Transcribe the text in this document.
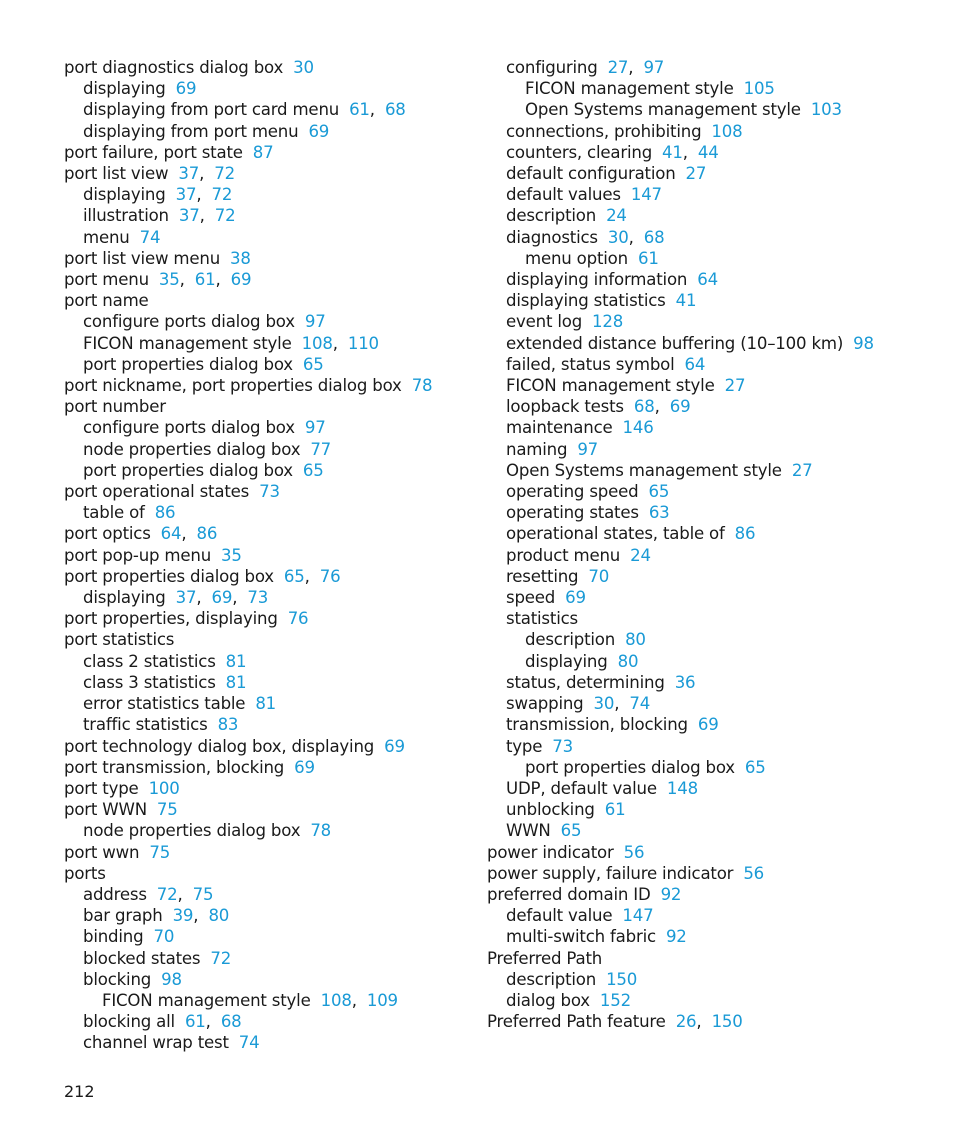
port diagnostics dialog box 30
displaying 69
displaying from port card menu 61, 68
displaying from port menu 69
port failure, port state 87
port list view 37, 72
displaying 37, 72
illustration 37, 72
menu 74
port list view menu 38
port menu 35, 61, 69
port name
configure ports dialog box 97
FICON management style 108, 110
port properties dialog box 65
port nickname, port properties dialog box 78
port number
configure ports dialog box 97
node properties dialog box 77
port properties dialog box 65
port operational states 73
table of 86
port optics 64, 86
port pop-up menu 35
port properties dialog box 65, 76
displaying 37, 69, 73
port properties, displaying 76
port statistics
class 2 statistics 81
class 3 statistics 81
error statistics table 81
traffic statistics 83
port technology dialog box, displaying 69
port transmission, blocking 69
port type 100
port WWN 75
node properties dialog box 78
port wwn 75
ports
address 72, 75
bar graph 39, 80
binding 70
blocked states 72
blocking 98
FICON management style 108, 109
blocking all 61, 68
channel wrap test 74
configuring 27, 97
FICON management style 105
Open Systems management style 103
connections, prohibiting 108
counters, clearing 41, 44
default configuration 27
default values 147
description 24
diagnostics 30, 68
menu option 61
displaying information 64
displaying statistics 41
event log 128
extended distance buffering (10–100 km) 98
failed, status symbol 64
FICON management style 27
loopback tests 68, 69
maintenance 146
naming 97
Open Systems management style 27
operating speed 65
operating states 63
operational states, table of 86
product menu 24
resetting 70
speed 69
statistics
description 80
displaying 80
status, determining 36
swapping 30, 74
transmission, blocking 69
type 73
port properties dialog box 65
UDP, default value 148
unblocking 61
WWN 65
power indicator 56
power supply, failure indicator 56
preferred domain ID 92
default value 147
multi-switch fabric 92
Preferred Path
description 150
dialog box 152
Preferred Path feature 26, 150
212
